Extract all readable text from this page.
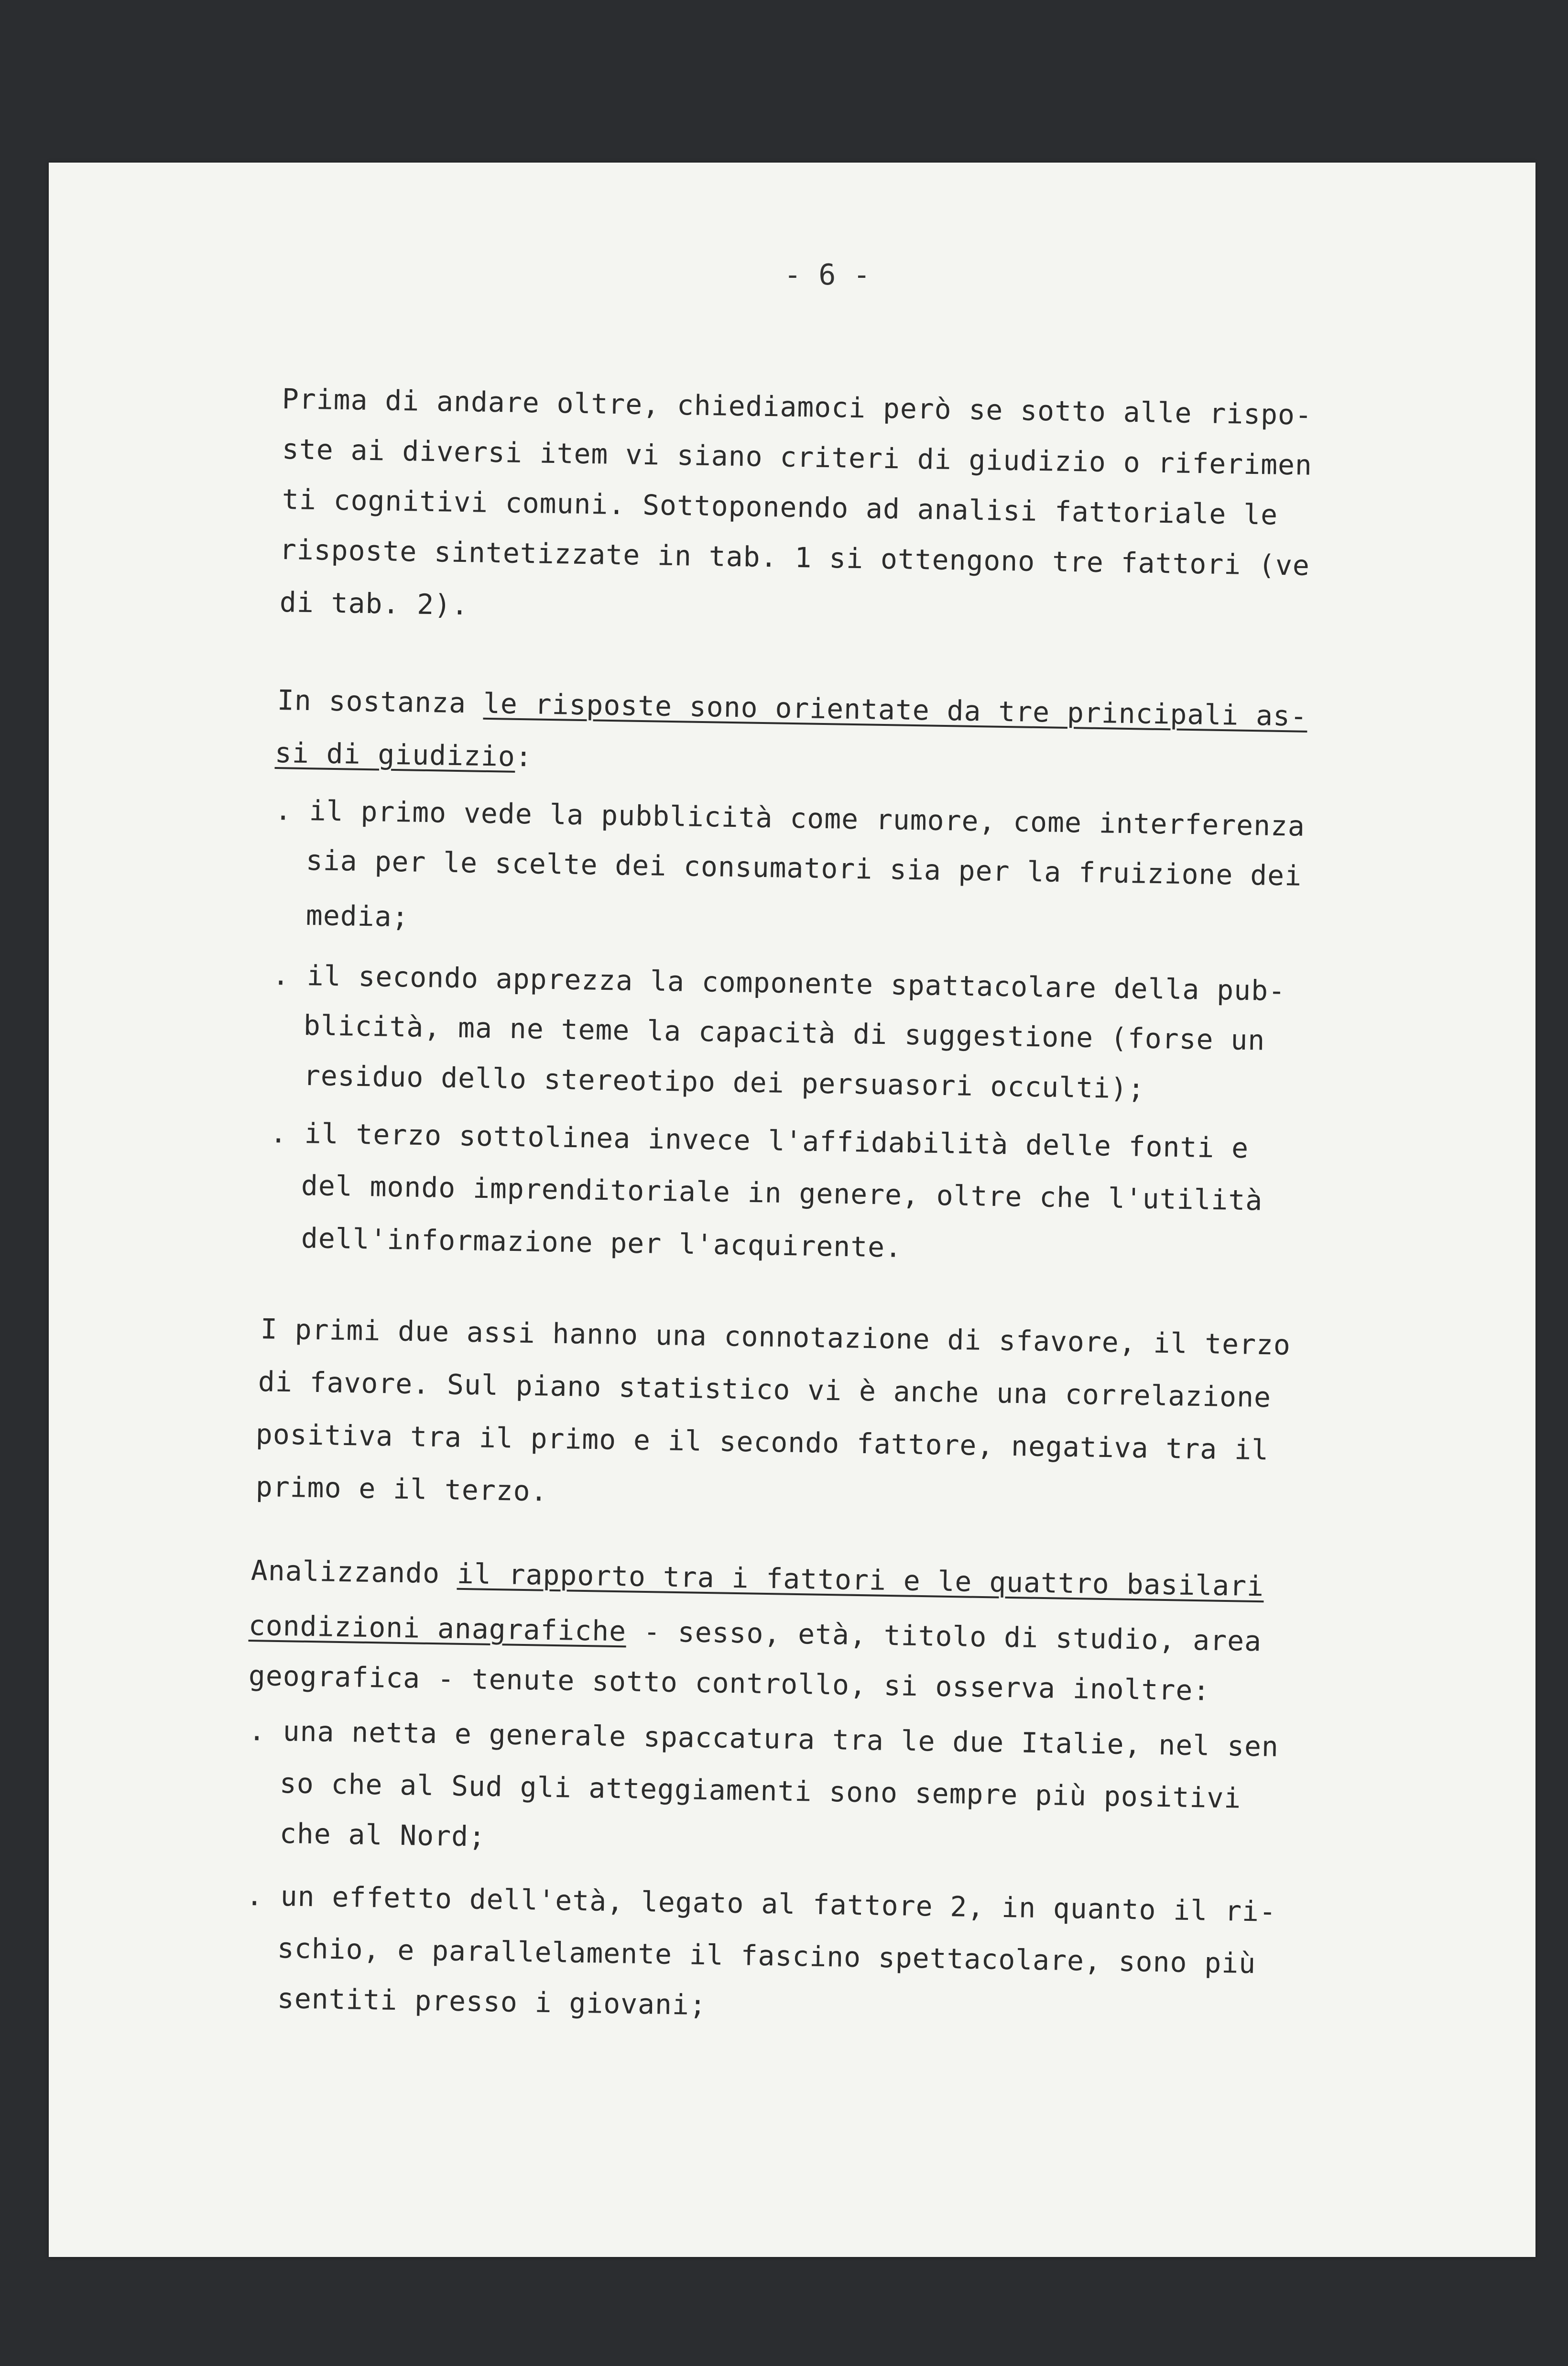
- 6 -
Prima di andare oltre, chiediamoci però se sotto alle rispo-
ste ai diversi item vi siano criteri di giudizio o riferimen
ti cognitivi comuni. Sottoponendo ad analisi fattoriale le
risposte sintetizzate in tab. 1 si ottengono tre fattori (ve
di tab. 2).
In sostanza le risposte sono orientate da tre principali as-
si di giudizio:
. il primo vede la pubblicità come rumore, come interferenza
sia per le scelte dei consumatori sia per la fruizione dei
media;
. il secondo apprezza la componente spattacolare della pub-
blicità, ma ne teme la capacità di suggestione (forse un
residuo dello stereotipo dei persuasori occulti);
. il terzo sottolinea invece l'affidabilità delle fonti e
del mondo imprenditoriale in genere, oltre che l'utilità
dell'informazione per l'acquirente.
I primi due assi hanno una connotazione di sfavore, il terzo
di favore. Sul piano statistico vi è anche una correlazione
positiva tra il primo e il secondo fattore, negativa tra il
primo e il terzo.
Analizzando il rapporto tra i fattori e le quattro basilari
condizioni anagrafiche - sesso, età, titolo di studio, area
geografica - tenute sotto controllo, si osserva inoltre:
. una netta e generale spaccatura tra le due Italie, nel sen
so che al Sud gli atteggiamenti sono sempre più positivi
che al Nord;
. un effetto dell'età, legato al fattore 2, in quanto il ri-
schio, e parallelamente il fascino spettacolare, sono più
sentiti presso i giovani;
